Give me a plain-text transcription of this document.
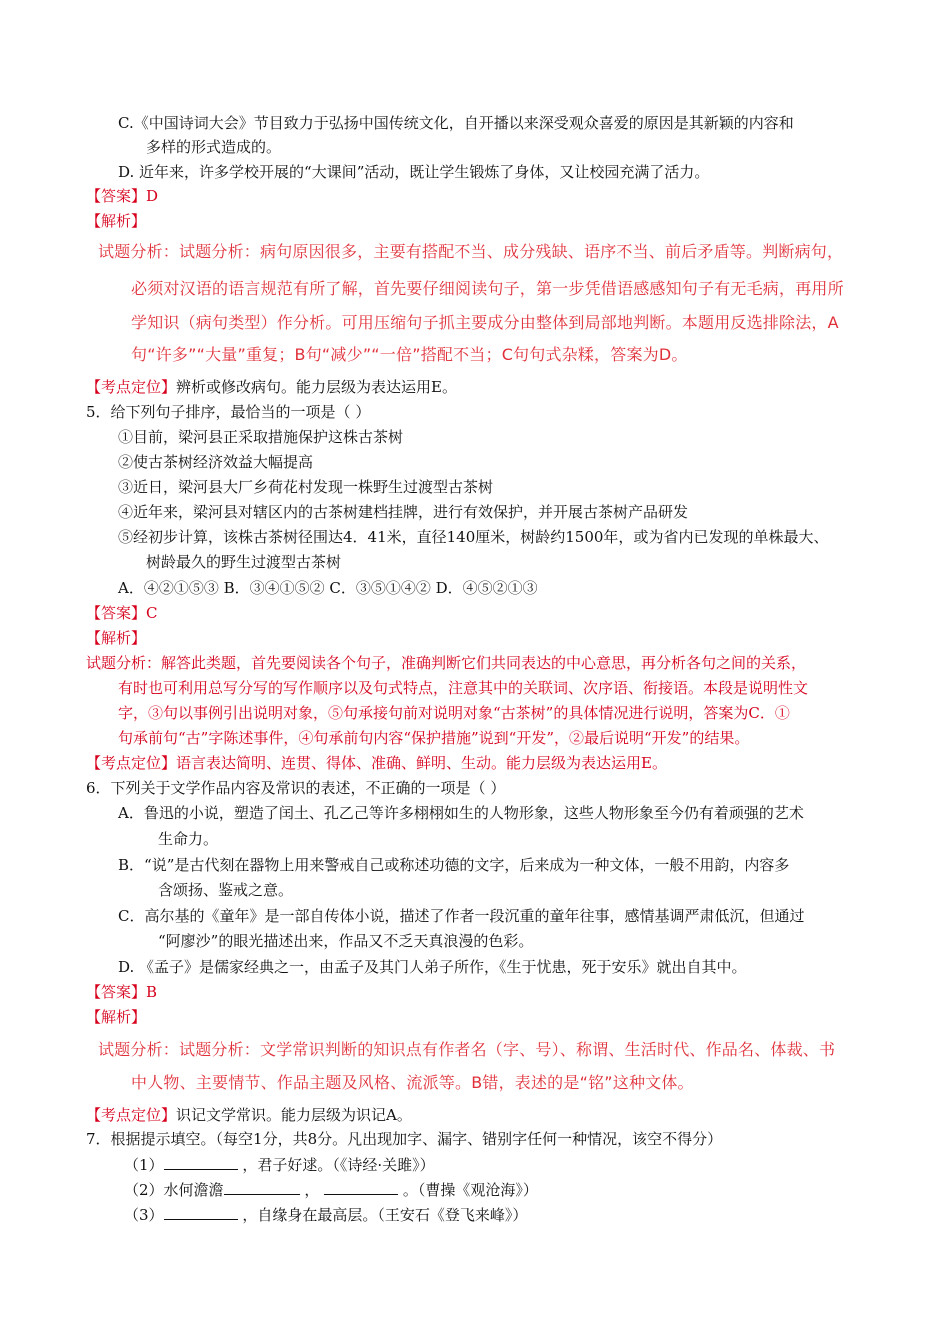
C.《中国诗词大会》节目致力于弘扬中国传统文化，自开播以来深受观众喜爱的原因是其新颖的内容和
多样的形式造成的。
D. 近年来，许多学校开展的“大课间”活动，既让学生锻炼了身体，又让校园充满了活力。
【答案】D
【解析】
试题分析：试题分析：病句原因很多，主要有搭配不当、成分残缺、语序不当、前后矛盾等。判断病句，
必须对汉语的语言规范有所了解，首先要仔细阅读句子，第一步凭借语感感知句子有无毛病，再用所
学知识（病句类型）作分析。可用压缩句子抓主要成分由整体到局部地判断。本题用反选排除法，A
句“许多”“大量”重复；B句“减少”“一倍”搭配不当；C句句式杂糅，答案为D。
【考点定位】辨析或修改病句。能力层级为表达运用E。
5．给下列句子排序，最恰当的一项是（ ）
①目前，梁河县正采取措施保护这株古茶树
②使古茶树经济效益大幅提高
③近日，梁河县大厂乡荷花村发现一株野生过渡型古茶树
④近年来，梁河县对辖区内的古茶树建档挂牌，进行有效保护，并开展古茶树产品研发
⑤经初步计算，该株古茶树径围达4．41米，直径140厘米，树龄约1500年，或为省内已发现的单株最大、
树龄最久的野生过渡型古茶树
A．④②①⑤③ B．③④①⑤② C．③⑤①④② D．④⑤②①③
【答案】C
【解析】
试题分析：解答此类题，首先要阅读各个句子，准确判断它们共同表达的中心意思，再分析各句之间的关系，
有时也可利用总写分写的写作顺序以及句式特点，注意其中的关联词、次序语、衔接语。本段是说明性文
字，③句以事例引出说明对象，⑤句承接句前对说明对象“古茶树”的具体情况进行说明，答案为C．①
句承前句“古”字陈述事件，④句承前句内容“保护措施”说到“开发”，②最后说明“开发”的结果。
【考点定位】语言表达简明、连贯、得体、准确、鲜明、生动。能力层级为表达运用E。
6．下列关于文学作品内容及常识的表述，不正确的一项是（ ）
A．鲁迅的小说，塑造了闰土、孔乙己等许多栩栩如生的人物形象，这些人物形象至今仍有着顽强的艺术
生命力。
B．“说”是古代刻在器物上用来警戒自己或称述功德的文字，后来成为一种文体，一般不用韵，内容多
含颂扬、鉴戒之意。
C．高尔基的《童年》是一部自传体小说，描述了作者一段沉重的童年往事，感情基调严肃低沉，但通过
“阿廖沙”的眼光描述出来，作品又不乏天真浪漫的色彩。
D. 《孟子》是儒家经典之一，由孟子及其门人弟子所作，《生于忧患，死于安乐》就出自其中。
【答案】B
【解析】
试题分析：试题分析：文学常识判断的知识点有作者名（字、号）、称谓、生活时代、作品名、体裁、书
中人物、主要情节、作品主题及风格、流派等。B错，表述的是“铭”这种文体。
【考点定位】识记文学常识。能力层级为识记A。
7．根据提示填空。（每空1分，共8分。凡出现加字、漏字、错别字任何一种情况，该空不得分）
（1）	，君子好逑。（《诗经·关雎》）
（2）水何澹澹	，	。（曹操《观沧海》）
（3）	，自缘身在最高层。（王安石《登飞来峰》）
